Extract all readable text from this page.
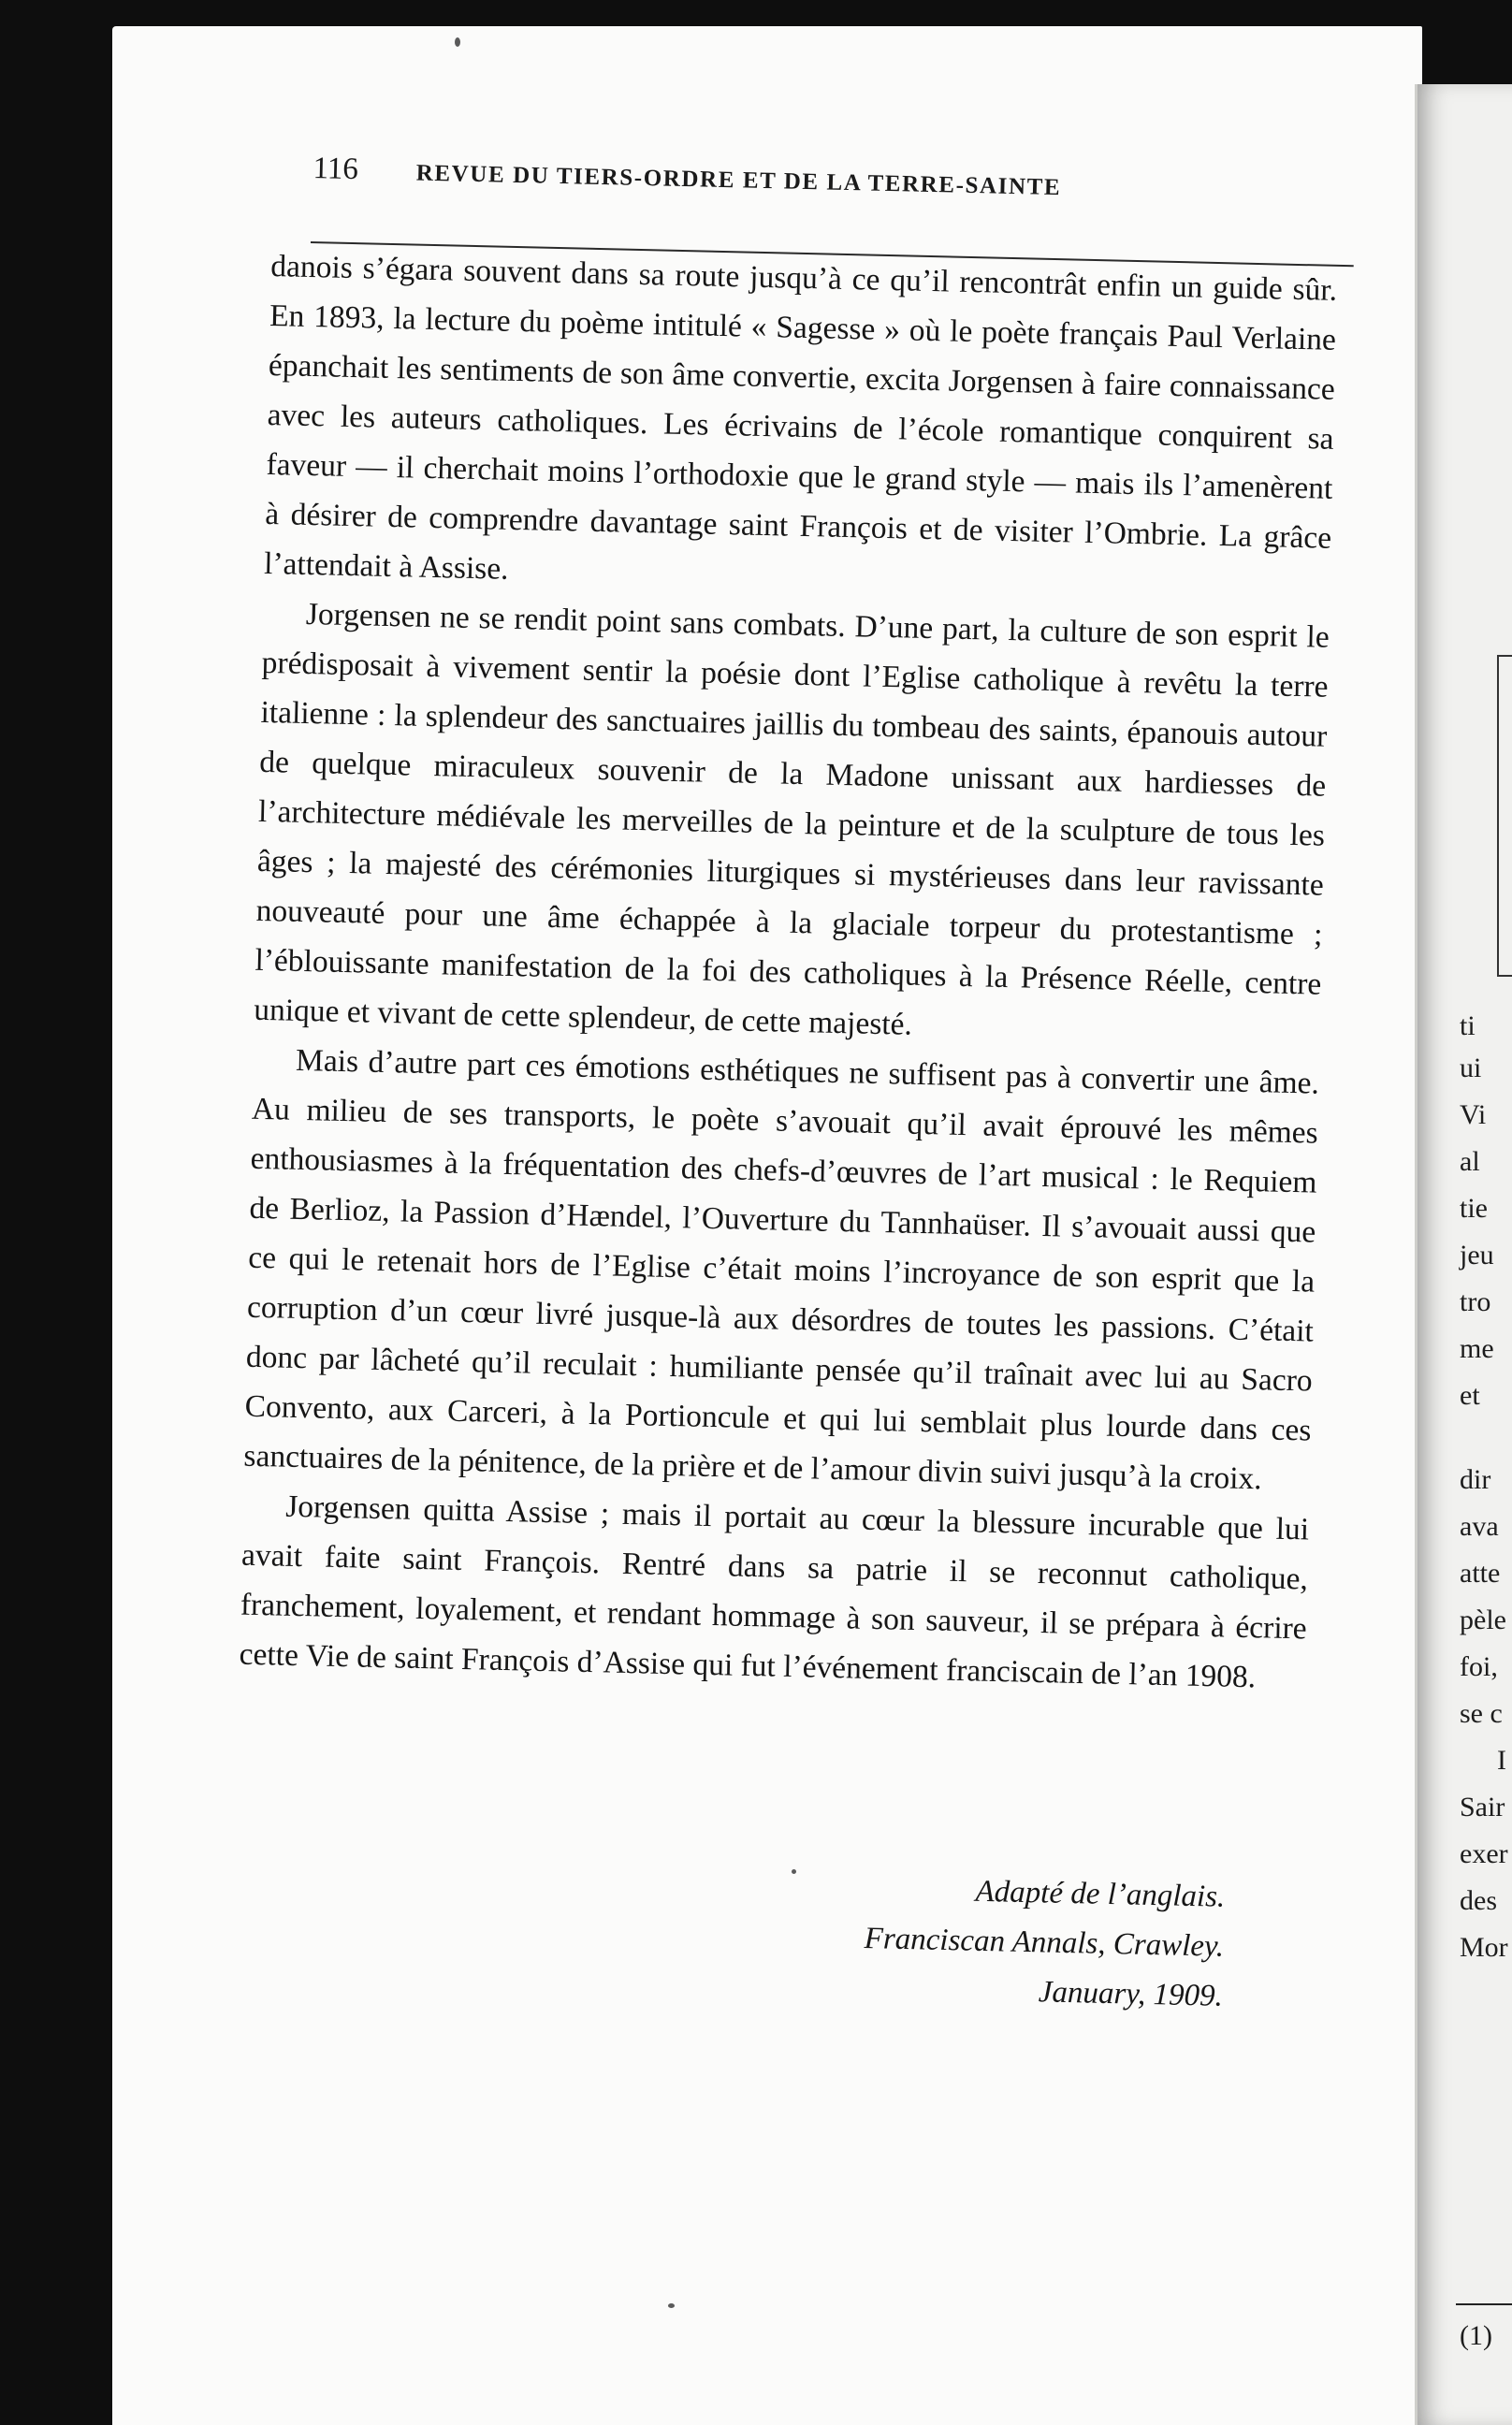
116 REVUE DU TIERS-ORDRE ET DE LA TERRE-SAINTE

danois s’égara souvent dans sa route jusqu’à ce qu’il rencontrât enfin un guide sûr. En 1893, la lecture du poème intitulé « Sagesse » où le poète français Paul Verlaine épanchait les sentiments de son âme convertie, excita Jorgensen à faire connaissance avec les auteurs catholiques. Les écrivains de l’école romantique conquirent sa faveur — il cherchait moins l’orthodoxie que le grand style — mais ils l’amenèrent à désirer de comprendre davantage saint François et de visiter l’Ombrie. La grâce l’attendait à Assise.

Jorgensen ne se rendit point sans combats. D’une part, la culture de son esprit le prédisposait à vivement sentir la poésie dont l’Eglise catholique à revêtu la terre italienne : la splendeur des sanctuaires jaillis du tombeau des saints, épanouis autour de quelque miraculeux souvenir de la Madone unissant aux hardiesses de l’architecture médiévale les merveilles de la peinture et de la sculpture de tous les âges ; la majesté des cérémonies liturgiques si mystérieuses dans leur ravissante nouveauté pour une âme échappée à la glaciale torpeur du protestantisme ; l’éblouissante manifestation de la foi des catholiques à la Présence Réelle, centre unique et vivant de cette splendeur, de cette majesté.

Mais d’autre part ces émotions esthétiques ne suffisent pas à convertir une âme. Au milieu de ses transports, le poète s’avouait qu’il avait éprouvé les mêmes enthousiasmes à la fréquentation des chefs-d’œuvres de l’art musical : le Requiem de Berlioz, la Passion d’Hændel, l’Ouverture du Tannhaüser. Il s’avouait aussi que ce qui le retenait hors de l’Eglise c’était moins l’incroyance de son esprit que la corruption d’un cœur livré jusque-là aux désordres de toutes les passions. C’était donc par lâcheté qu’il reculait : humiliante pensée qu’il traînait avec lui au Sacro Convento, aux Carceri, à la Portioncule et qui lui semblait plus lourde dans ces sanctuaires de la pénitence, de la prière et de l’amour divin suivi jusqu’à la croix.

Jorgensen quitta Assise ; mais il portait au cœur la blessure incurable que lui avait faite saint François. Rentré dans sa patrie il se reconnut catholique, franchement, loyalement, et rendant hommage à son sauveur, il se prépara à écrire cette Vie de saint François d’Assise qui fut l’événement franciscain de l’an 1908.

Adapté de l’anglais.
Franciscan Annals, Crawley.
January, 1909.
ti
ui
Vi
al
tie
jeu
tro
me
et
dir
ava
atte
pèle
foi,
se c
I
Sair
exer
des
Mor
(1)
